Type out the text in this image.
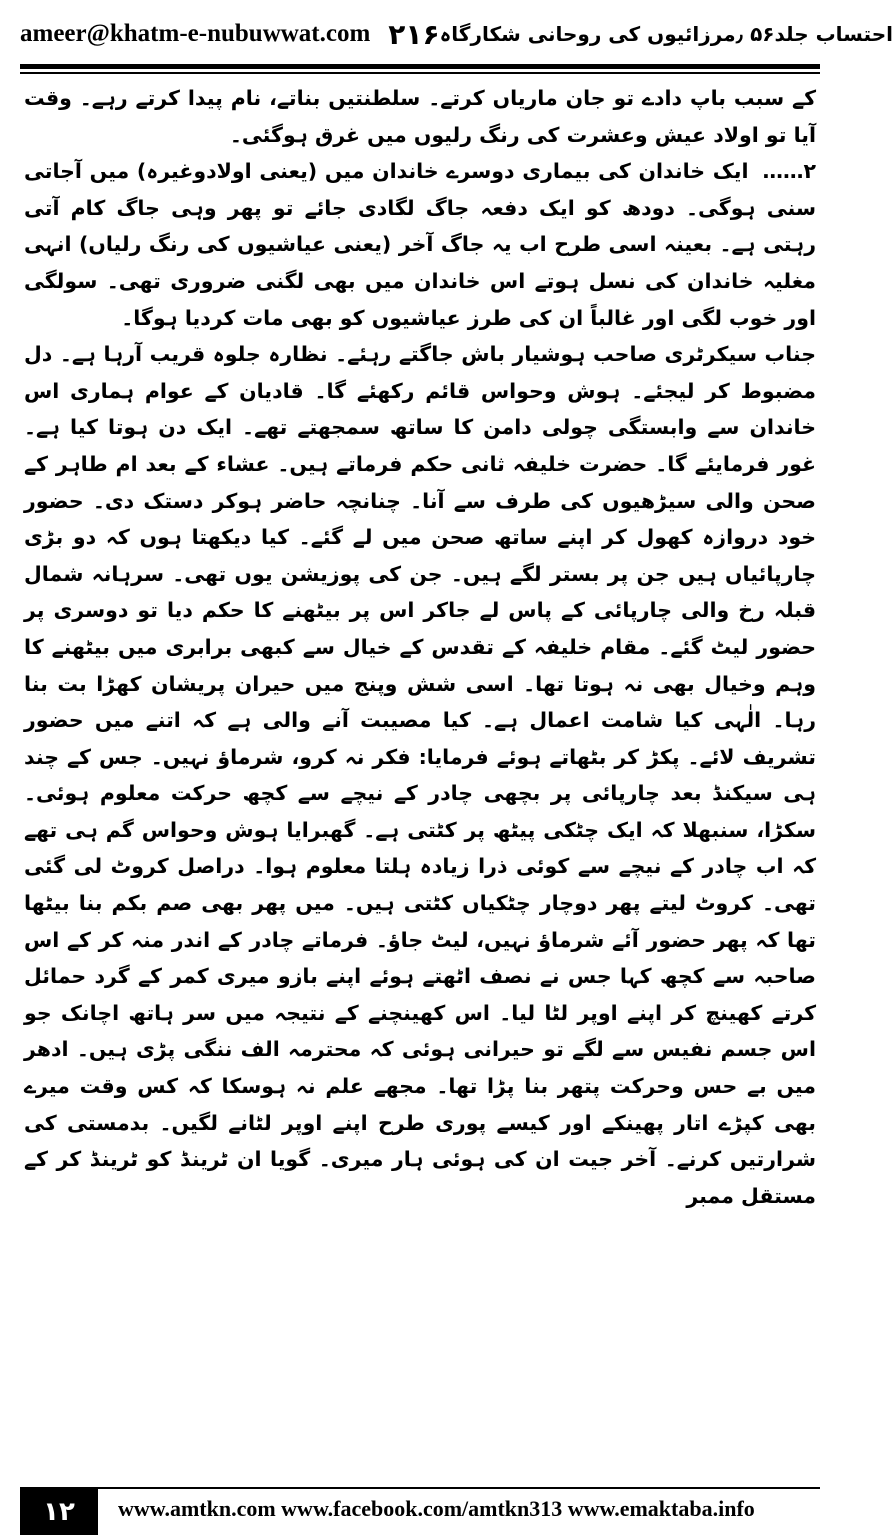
ameer@khatm-e-nubuwwat.com ۲۱۶ احتساب جلد۵۶ ٫مرزائیوں کی روحانی شکارگاہ

کے سبب باپ دادے تو جان ماریاں کرتے۔ سلطنتیں بناتے، نام پیدا کرتے رہے۔ وقت آیا تو اولاد عیش وعشرت کی رنگ رلیوں میں غرق ہوگئی۔

۲……ایک خاندان کی بیماری دوسرے خاندان میں (یعنی اولادوغیرہ) میں آجاتی سنی ہوگی۔ دودھ کو ایک دفعہ جاگ لگادی جائے تو پھر وہی جاگ کام آتی رہتی ہے۔ بعینہ اسی طرح اب یہ جاگ آخر (یعنی عیاشیوں کی رنگ رلیاں) انہی مغلیہ خاندان کی نسل ہوتے اس خاندان میں بھی لگنی ضروری تھی۔ سولگی اور خوب لگی اور غالباً ان کی طرز عیاشیوں کو بھی مات کردیا ہوگا۔

جناب سیکرٹری صاحب ہوشیار باش جاگتے رہئے۔ نظارہ جلوہ قریب آرہا ہے۔ دل مضبوط کر لیجئے۔ ہوش وحواس قائم رکھئے گا۔ قادیان کے عوام ہماری اس خاندان سے وابستگی چولی دامن کا ساتھ سمجھتے تھے۔ ایک دن ہوتا کیا ہے۔ غور فرمایئے گا۔ حضرت خلیفہ ثانی حکم فرماتے ہیں۔ عشاء کے بعد ام طاہر کے صحن والی سیڑھیوں کی طرف سے آنا۔ چنانچہ حاضر ہوکر دستک دی۔ حضور خود دروازہ کھول کر اپنے ساتھ صحن میں لے گئے۔ کیا دیکھتا ہوں کہ دو بڑی چارپائیاں ہیں جن پر بستر لگے ہیں۔ جن کی پوزیشن یوں تھی۔ سرہانہ شمال قبلہ رخ والی چارپائی کے پاس لے جاکر اس پر بیٹھنے کا حکم دیا تو دوسری پر حضور لیٹ گئے۔ مقام خلیفہ کے تقدس کے خیال سے کبھی برابری میں بیٹھنے کا وہم وخیال بھی نہ ہوتا تھا۔ اسی شش وپنج میں حیران پریشان کھڑا بت بنا رہا۔ الٰہی کیا شامت اعمال ہے۔ کیا مصیبت آنے والی ہے کہ اتنے میں حضور تشریف لائے۔ پکڑ کر بٹھاتے ہوئے فرمایا: فکر نہ کرو، شرماؤ نہیں۔ جس کے چند ہی سیکنڈ بعد چارپائی پر بچھی چادر کے نیچے سے کچھ حرکت معلوم ہوئی۔ سکڑا، سنبھلا کہ ایک چٹکی پیٹھ پر کٹتی ہے۔ گھبرایا ہوش وحواس گم ہی تھے کہ اب چادر کے نیچے سے کوئی ذرا زیادہ ہلتا معلوم ہوا۔ دراصل کروٹ لی گئی تھی۔ کروٹ لیتے پھر دوچار چٹکیاں کٹتی ہیں۔ میں پھر بھی صم بکم بنا بیٹھا تھا کہ پھر حضور آئے شرماؤ نہیں، لیٹ جاؤ۔ فرماتے چادر کے اندر منہ کر کے اس صاحبہ سے کچھ کہا جس نے نصف اٹھتے ہوئے اپنے بازو میری کمر کے گرد حمائل کرتے کھینچ کر اپنے اوپر لٹا لیا۔ اس کھینچنے کے نتیجہ میں سر ہاتھ اچانک جو اس جسم نفیس سے لگے تو حیرانی ہوئی کہ محترمہ الف ننگی پڑی ہیں۔ ادھر میں بے حس وحرکت پتھر بنا پڑا تھا۔ مجھے علم نہ ہوسکا کہ کس وقت میرے بھی کپڑے اتار پھینکے اور کیسے پوری طرح اپنے اوپر لٹانے لگیں۔ بدمستی کی شرارتیں کرنے۔ آخر جیت ان کی ہوئی ہار میری۔ گویا ان ٹرینڈ کو ٹرینڈ کر کے مستقل ممبر

۱۲	www.amtkn.com www.facebook.com/amtkn313 www.emaktaba.info
